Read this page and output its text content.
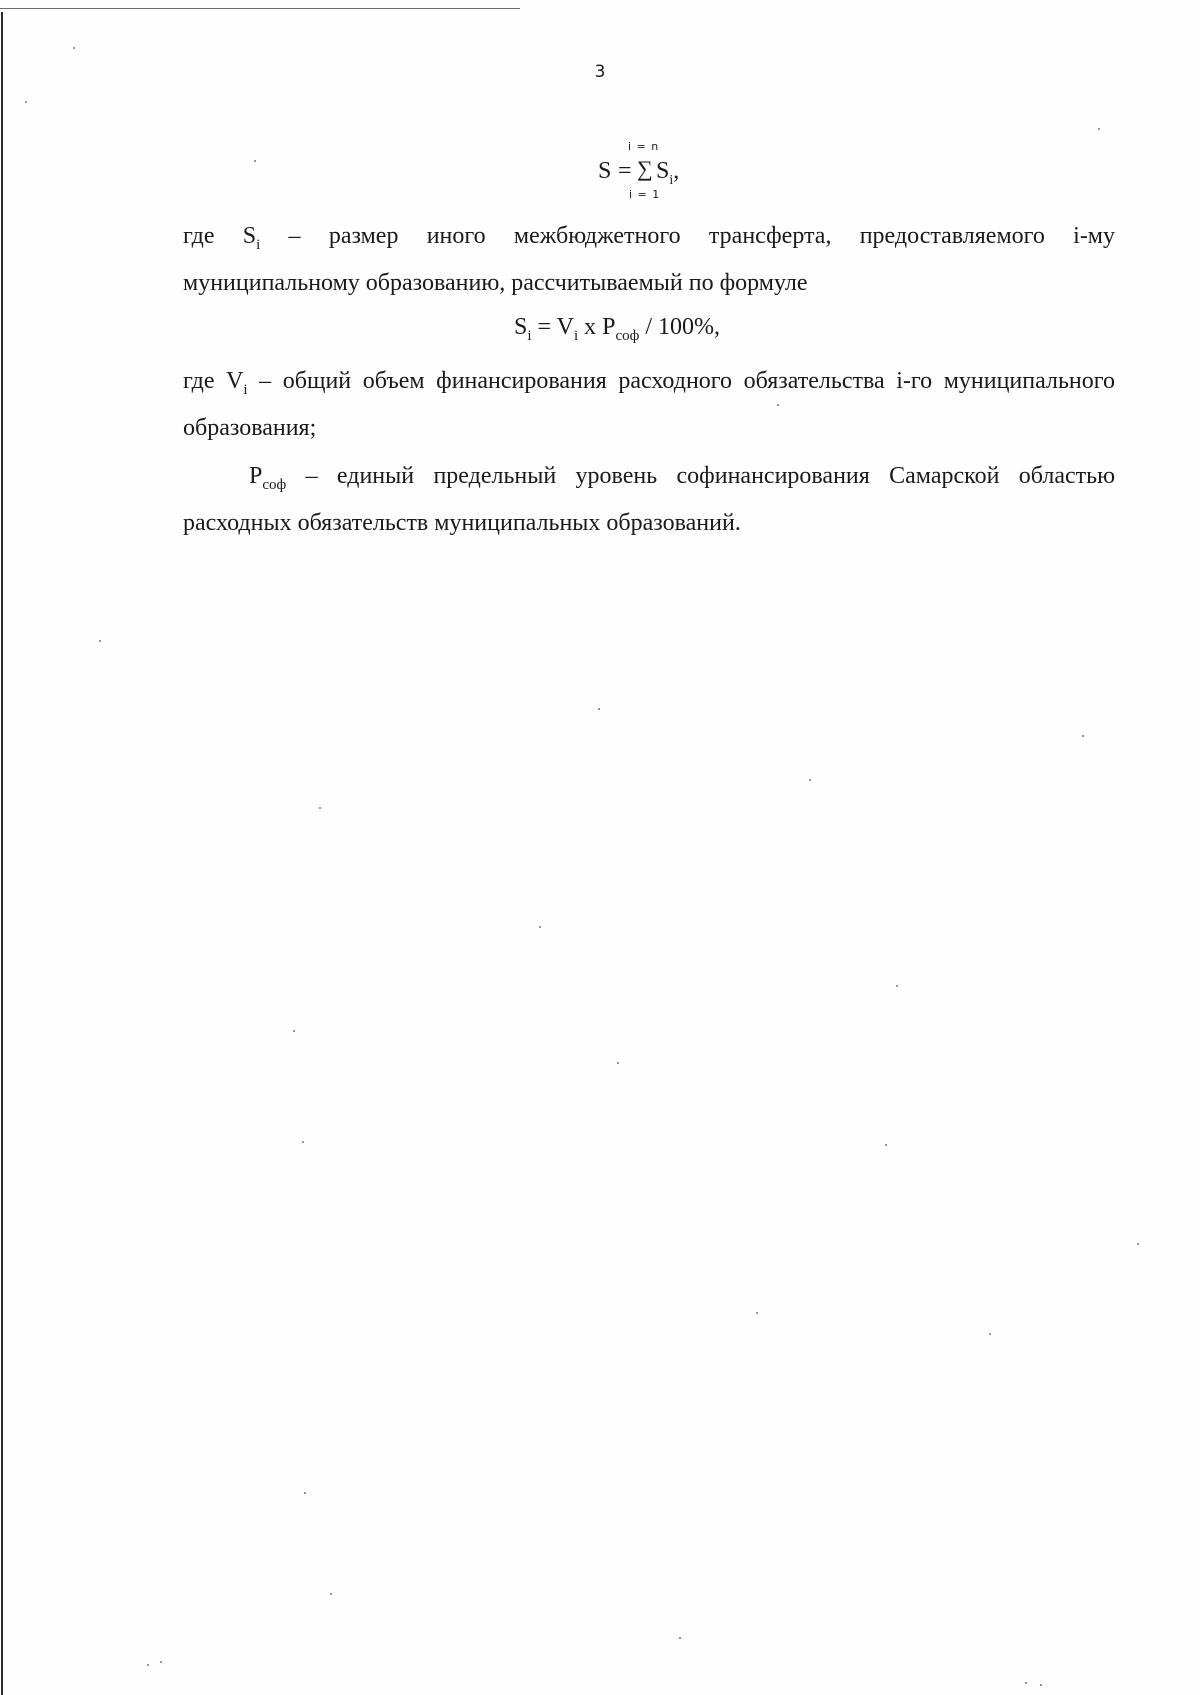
3
S =
i = n
∑
i = 1
$S_i$,
где $S_i$ – размер иного межбюджетного трансферта, предоставляемого i-му муниципальному образованию, рассчитываемый по формуле
$S_i = V_i$ x $P_{соф} / 100\%$,
где $V_i$ – общий объем финансирования расходного обязательства i-го муниципального образования;
$P_{соф}$ – единый предельный уровень софинансирования Самарской областью расходных обязательств муниципальных образований.
